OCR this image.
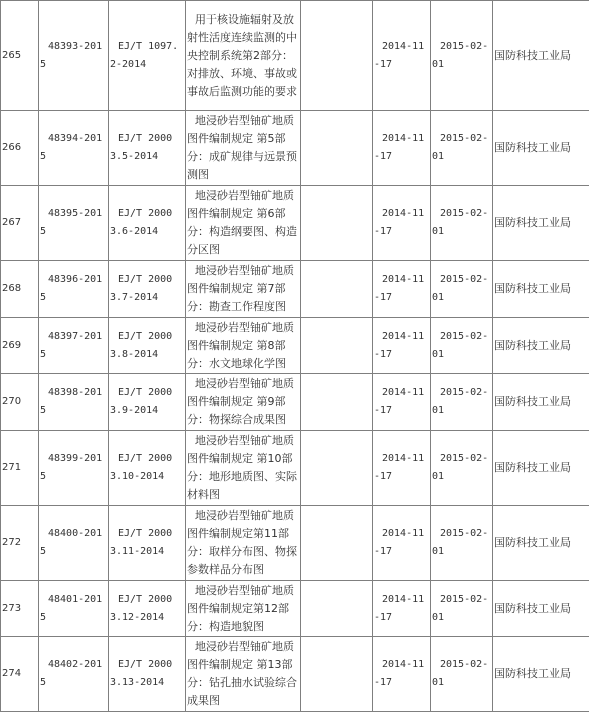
265	48393-2015	EJ/T 1097.2-2014	用于核设施辐射及放射性活度连续监测的中央控制系统第2部分：对排放、环境、事故或事故后监测功能的要求		2014-11-17	2015-02-01	国防科技工业局
266	48394-2015	EJ/T 20003.5-2014	地浸砂岩型铀矿地质图件编制规定 第5部分：成矿规律与远景预测图		2014-11-17	2015-02-01	国防科技工业局
267	48395-2015	EJ/T 20003.6-2014	地浸砂岩型铀矿地质图件编制规定 第6部分：构造纲要图、构造分区图		2014-11-17	2015-02-01	国防科技工业局
268	48396-2015	EJ/T 20003.7-2014	地浸砂岩型铀矿地质图件编制规定 第7部分：勘查工作程度图		2014-11-17	2015-02-01	国防科技工业局
269	48397-2015	EJ/T 20003.8-2014	地浸砂岩型铀矿地质图件编制规定 第8部分：水文地球化学图		2014-11-17	2015-02-01	国防科技工业局
270	48398-2015	EJ/T 20003.9-2014	地浸砂岩型铀矿地质图件编制规定 第9部分：物探综合成果图		2014-11-17	2015-02-01	国防科技工业局
271	48399-2015	EJ/T 20003.10-2014	地浸砂岩型铀矿地质图件编制规定 第10部分：地形地质图、实际材料图		2014-11-17	2015-02-01	国防科技工业局
272	48400-2015	EJ/T 20003.11-2014	地浸砂岩型铀矿地质图件编制规定第11部分：取样分布图、物探参数样品分布图		2014-11-17	2015-02-01	国防科技工业局
273	48401-2015	EJ/T 20003.12-2014	地浸砂岩型铀矿地质图件编制规定第12部分：构造地貌图		2014-11-17	2015-02-01	国防科技工业局
274	48402-2015	EJ/T 20003.13-2014	地浸砂岩型铀矿地质图件编制规定 第13部分：钻孔抽水试验综合成果图		2014-11-17	2015-02-01	国防科技工业局
